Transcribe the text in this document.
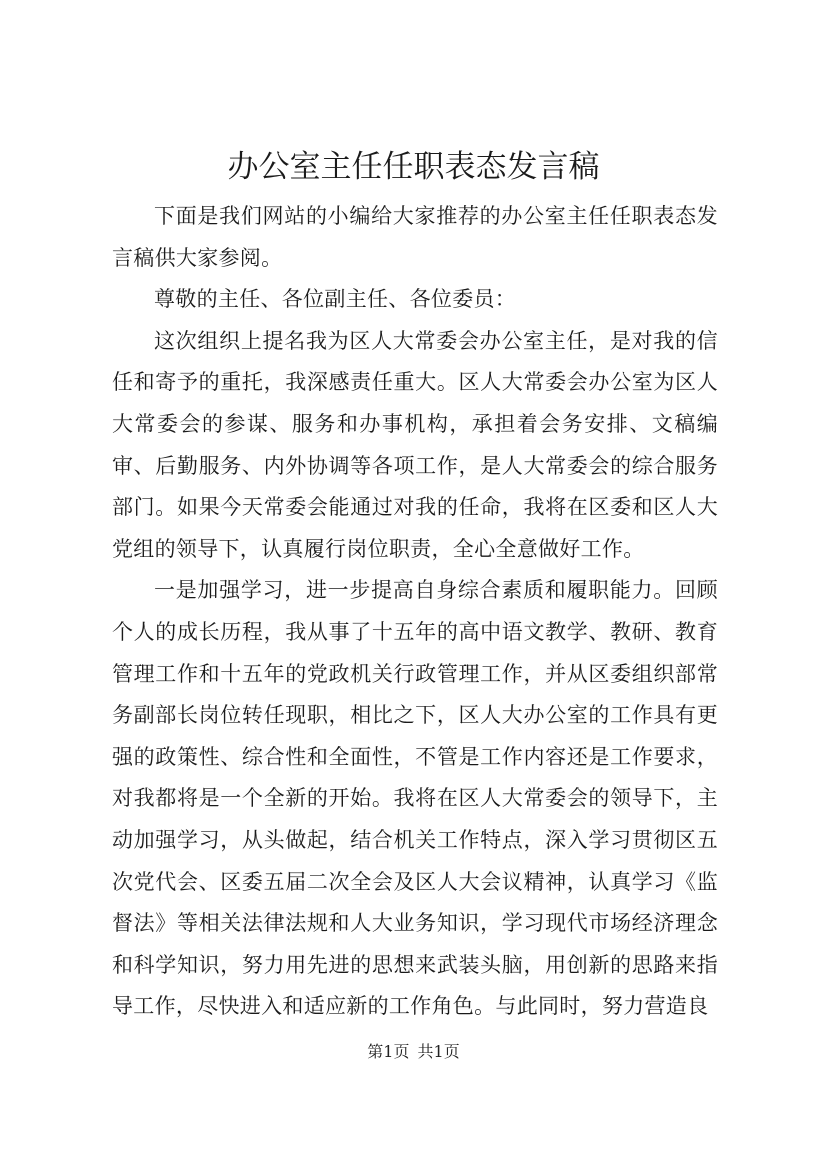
办公室主任任职表态发言稿

下面是我们网站的小编给大家推荐的办公室主任任职表态发言稿供大家参阅。

尊敬的主任、各位副主任、各位委员：

这次组织上提名我为区人大常委会办公室主任，是对我的信任和寄予的重托，我深感责任重大。区人大常委会办公室为区人大常委会的参谋、服务和办事机构，承担着会务安排、文稿编审、后勤服务、内外协调等各项工作，是人大常委会的综合服务部门。如果今天常委会能通过对我的任命，我将在区委和区人大党组的领导下，认真履行岗位职责，全心全意做好工作。

一是加强学习，进一步提高自身综合素质和履职能力。回顾个人的成长历程，我从事了十五年的高中语文教学、教研、教育管理工作和十五年的党政机关行政管理工作，并从区委组织部常务副部长岗位转任现职，相比之下，区人大办公室的工作具有更强的政策性、综合性和全面性，不管是工作内容还是工作要求，对我都将是一个全新的开始。我将在区人大常委会的领导下，主动加强学习，从头做起，结合机关工作特点，深入学习贯彻区五次党代会、区委五届二次全会及区人大会议精神，认真学习《监督法》等相关法律法规和人大业务知识，学习现代市场经济理念和科学知识，努力用先进的思想来武装头脑，用创新的思路来指导工作，尽快进入和适应新的工作角色。与此同时，努力营造良

第1页 共1页
